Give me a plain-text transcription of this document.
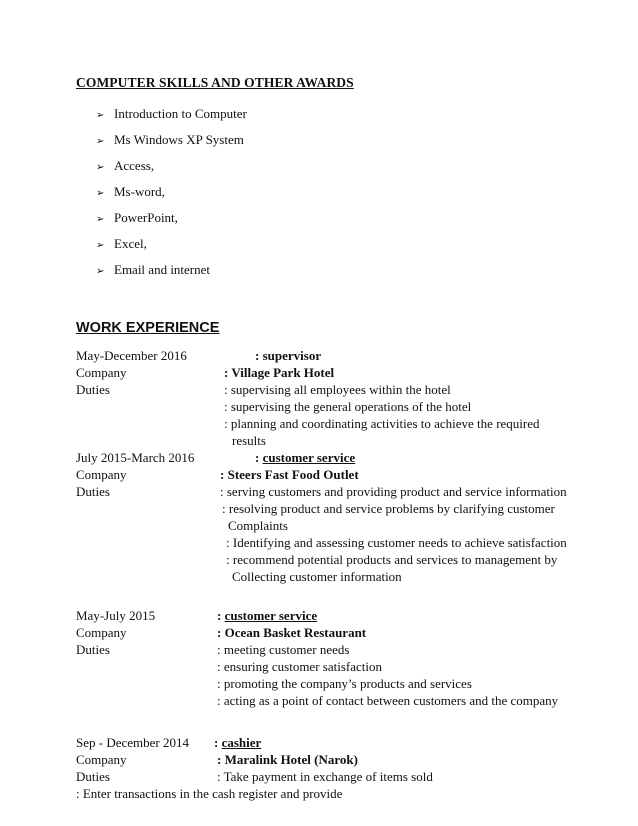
COMPUTER SKILLS AND OTHER AWARDS
➢ Introduction to Computer
➢ Ms Windows XP System
➢ Access,
➢ Ms-word,
➢ PowerPoint,
➢ Excel,
➢ Email and internet
WORK EXPERIENCE
May-December 2016	: supervisor
Company	: Village Park Hotel
Duties	: supervising all employees within the hotel
: supervising the general operations of the hotel
: planning and coordinating activities to achieve the required
results
July 2015-March 2016	: customer service
Company	: Steers Fast Food Outlet
Duties	: serving customers and providing product and service information
: resolving product and service problems by clarifying customer
Complaints
: Identifying and assessing customer needs to achieve satisfaction
: recommend potential products and services to management by
Collecting customer information
May-July 2015	: customer service
Company	: Ocean Basket Restaurant
Duties	: meeting customer needs
: ensuring customer satisfaction
: promoting the company’s products and services
: acting as a point of contact between customers and the company
Sep - December 2014 : cashier
Company	: Maralink Hotel (Narok)
Duties	: Take payment in exchange of items sold
: Enter transactions in the cash register and provide
